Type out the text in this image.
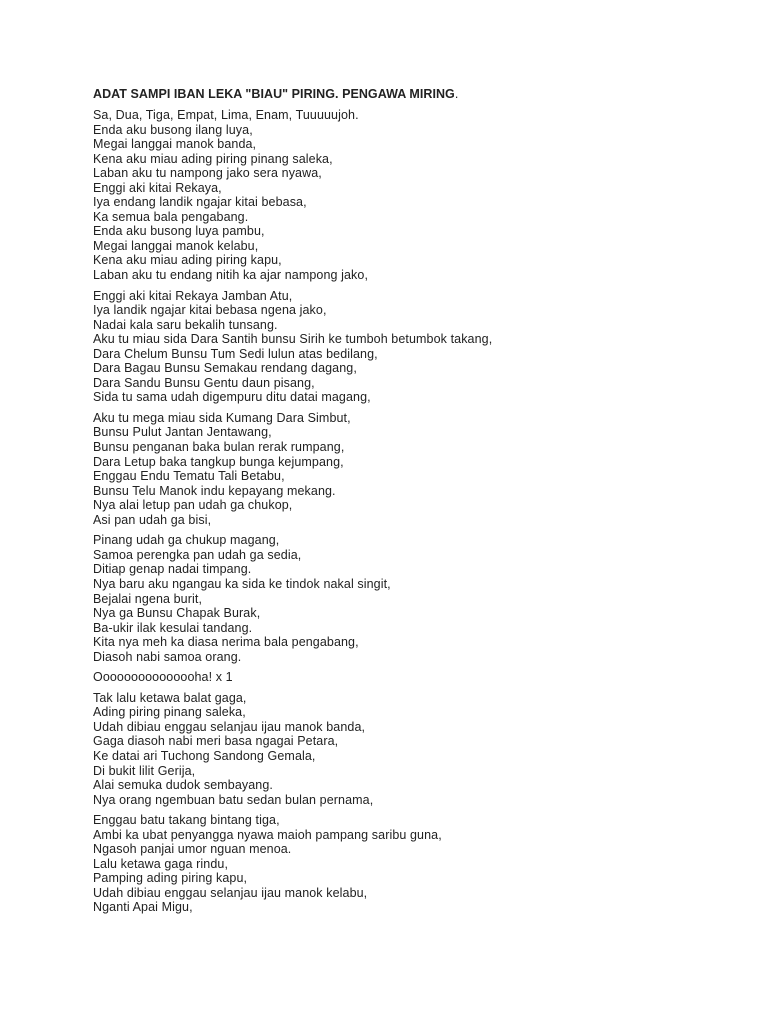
ADAT SAMPI IBAN LEKA "BIAU" PIRING. PENGAWA MIRING.
Sa, Dua, Tiga, Empat, Lima, Enam, Tuuuuujoh.
Enda aku busong ilang luya,
Megai langgai manok banda,
Kena aku miau ading piring pinang saleka,
Laban aku tu nampong jako sera nyawa,
Enggi aki kitai Rekaya,
Iya endang landik ngajar kitai bebasa,
Ka semua bala pengabang.
Enda aku busong luya pambu,
Megai langgai manok kelabu,
Kena aku miau ading piring kapu,
Laban aku tu endang nitih ka ajar nampong jako,
Enggi aki kitai Rekaya Jamban Atu,
Iya landik ngajar kitai bebasa ngena jako,
Nadai kala saru bekalih tunsang.
Aku tu miau sida Dara Santih bunsu Sirih ke tumboh betumbok takang,
Dara Chelum Bunsu Tum Sedi lulun atas bedilang,
Dara Bagau Bunsu Semakau rendang dagang,
Dara Sandu Bunsu Gentu daun pisang,
Sida tu sama udah digempuru ditu datai magang,
Aku tu mega miau sida Kumang Dara Simbut,
Bunsu Pulut Jantan Jentawang,
Bunsu penganan baka bulan rerak rumpang,
Dara Letup baka tangkup bunga kejumpang,
Enggau Endu Tematu Tali Betabu,
Bunsu Telu Manok indu kepayang mekang.
Nya alai letup pan udah ga chukop,
Asi pan udah ga bisi,
Pinang udah ga chukup magang,
Samoa perengka pan udah ga sedia,
Ditiap genap nadai timpang.
Nya baru aku ngangau ka sida ke tindok nakal singit,
Bejalai ngena burit,
Nya ga Bunsu Chapak Burak,
Ba-ukir ilak kesulai tandang.
Kita nya meh ka diasa nerima bala pengabang,
Diasoh nabi samoa orang.
Ooooooooooooooha! x 1
Tak lalu ketawa balat gaga,
Ading piring pinang saleka,
Udah dibiau enggau selanjau ijau manok banda,
Gaga diasoh nabi meri basa ngagai Petara,
Ke datai ari Tuchong Sandong Gemala,
Di bukit lilit Gerija,
Alai semuka dudok sembayang.
Nya orang ngembuan batu sedan bulan pernama,
Enggau batu takang bintang tiga,
Ambi ka ubat penyangga nyawa maioh pampang saribu guna,
Ngasoh panjai umor nguan menoa.
Lalu ketawa gaga rindu,
Pamping ading piring kapu,
Udah dibiau enggau selanjau ijau manok kelabu,
Nganti Apai Migu,
